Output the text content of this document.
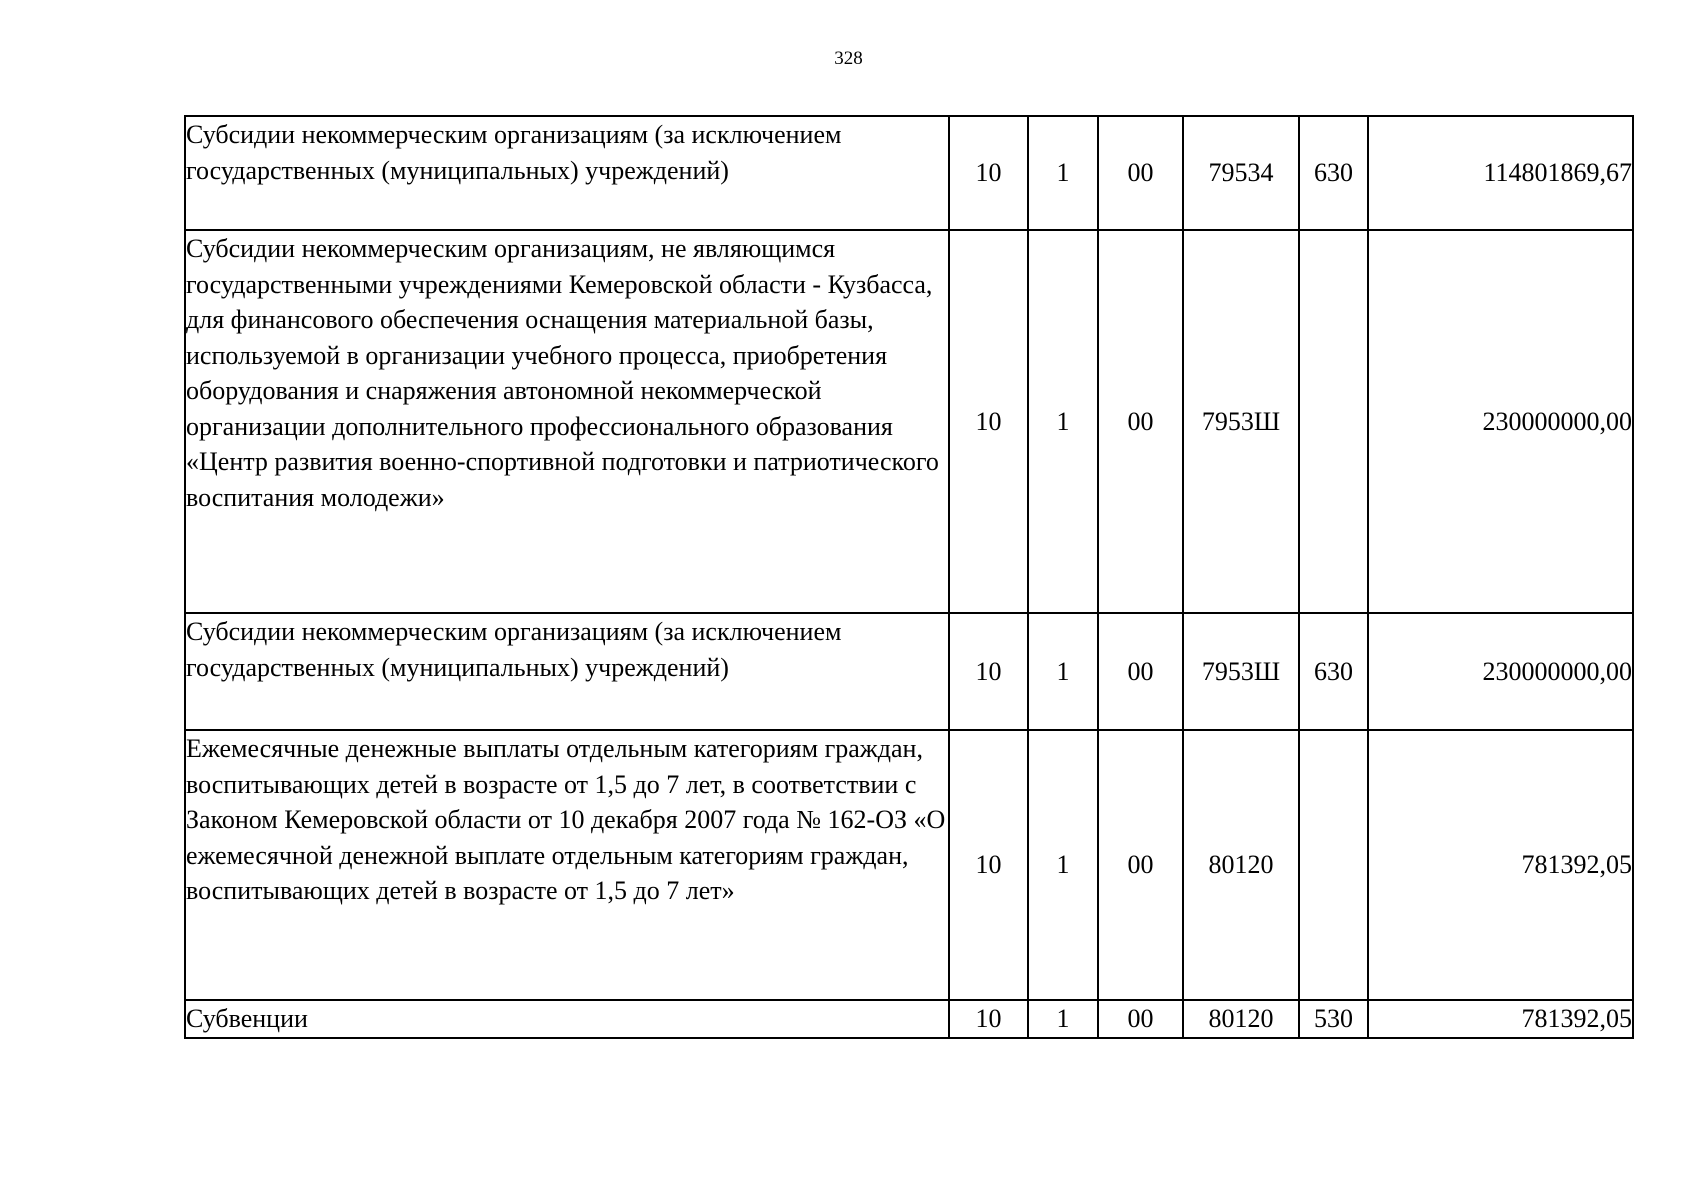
328
Субсидии некоммерческим организациям (за исключением государственных (муниципальных) учреждений)	10	1	00	79534	630	114801869,67
Субсидии некоммерческим организациям, не являющимся государственными учреждениями Кемеровской области - Кузбасса, для финансового обеспечения оснащения материальной базы, используемой в организации учебного процесса, приобретения оборудования и снаряжения автономной некоммерческой организации дополнительного профессионального образования «Центр развития военно-спортивной подготовки и патриотического воспитания молодежи»	10	1	00	7953Ш		230000000,00
Субсидии некоммерческим организациям (за исключением государственных (муниципальных) учреждений)	10	1	00	7953Ш	630	230000000,00
Ежемесячные денежные выплаты отдельным категориям граждан, воспитывающих детей в возрасте от 1,5 до 7 лет, в соответствии с Законом Кемеровской области от 10 декабря 2007 года № 162-ОЗ «О ежемесячной денежной выплате отдельным категориям граждан, воспитывающих детей в возрасте от 1,5 до 7 лет»	10	1	00	80120		781392,05
Субвенции	10	1	00	80120	530	781392,05
